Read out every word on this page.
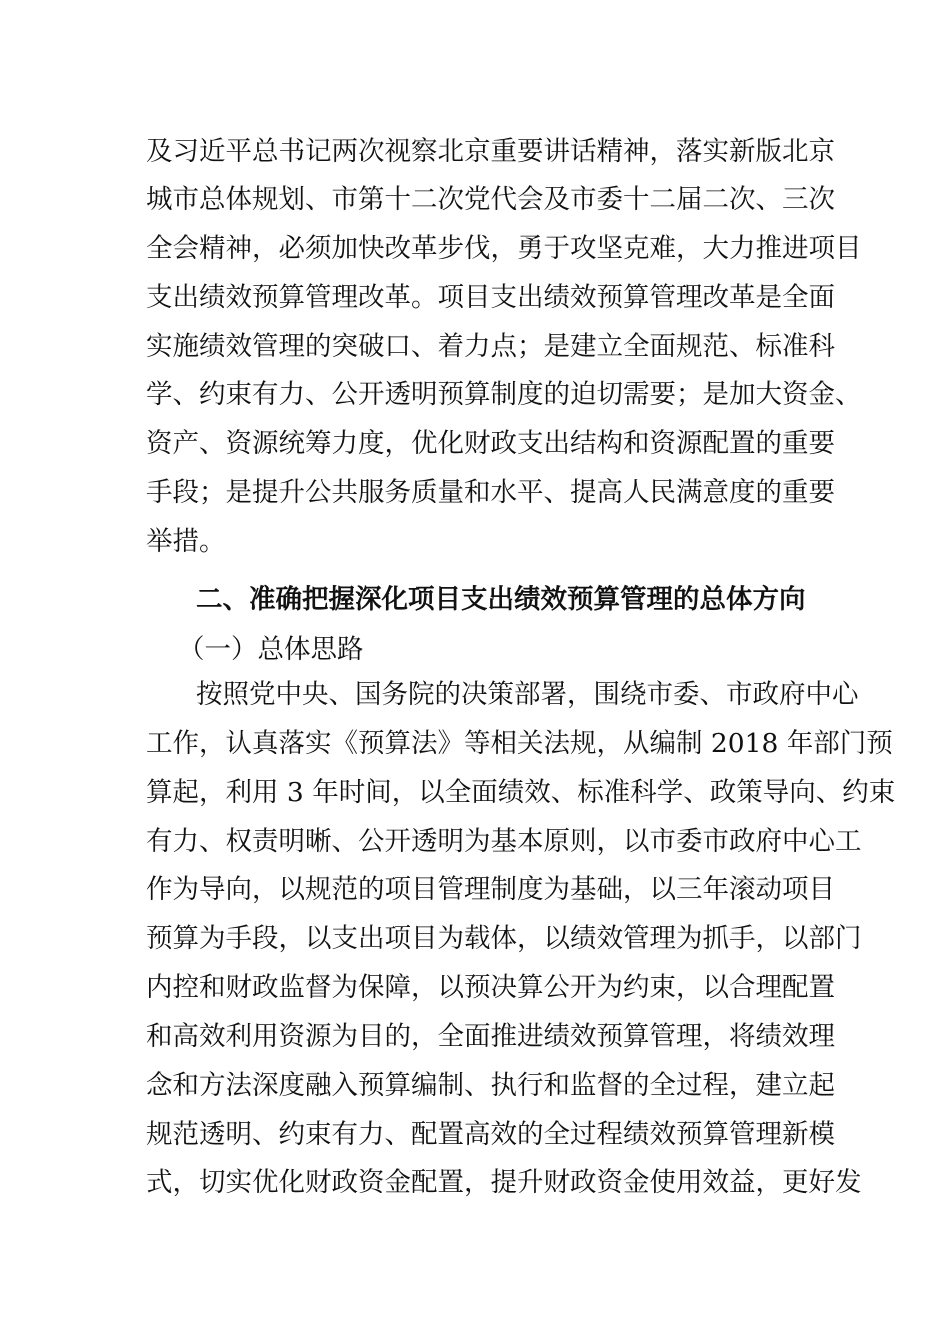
及习近平总书记两次视察北京重要讲话精神，落实新版北京
城市总体规划、市第十二次党代会及市委十二届二次、三次
全会精神，必须加快改革步伐，勇于攻坚克难，大力推进项目
支出绩效预算管理改革。项目支出绩效预算管理改革是全面
实施绩效管理的突破口、着力点；是建立全面规范、标准科
学、约束有力、公开透明预算制度的迫切需要；是加大资金、
资产、资源统筹力度，优化财政支出结构和资源配置的重要
手段；是提升公共服务质量和水平、提高人民满意度的重要
举措。
二、准确把握深化项目支出绩效预算管理的总体方向
（一）总体思路
按照党中央、国务院的决策部署，围绕市委、市政府中心
工作，认真落实《预算法》等相关法规，从编制 2018 年部门预
算起，利用 3 年时间，以全面绩效、标准科学、政策导向、约束
有力、权责明晰、公开透明为基本原则，以市委市政府中心工
作为导向，以规范的项目管理制度为基础，以三年滚动项目
预算为手段，以支出项目为载体，以绩效管理为抓手，以部门
内控和财政监督为保障，以预决算公开为约束，以合理配置
和高效利用资源为目的，全面推进绩效预算管理，将绩效理
念和方法深度融入预算编制、执行和监督的全过程，建立起
规范透明、约束有力、配置高效的全过程绩效预算管理新模
式，切实优化财政资金配置，提升财政资金使用效益，更好发
